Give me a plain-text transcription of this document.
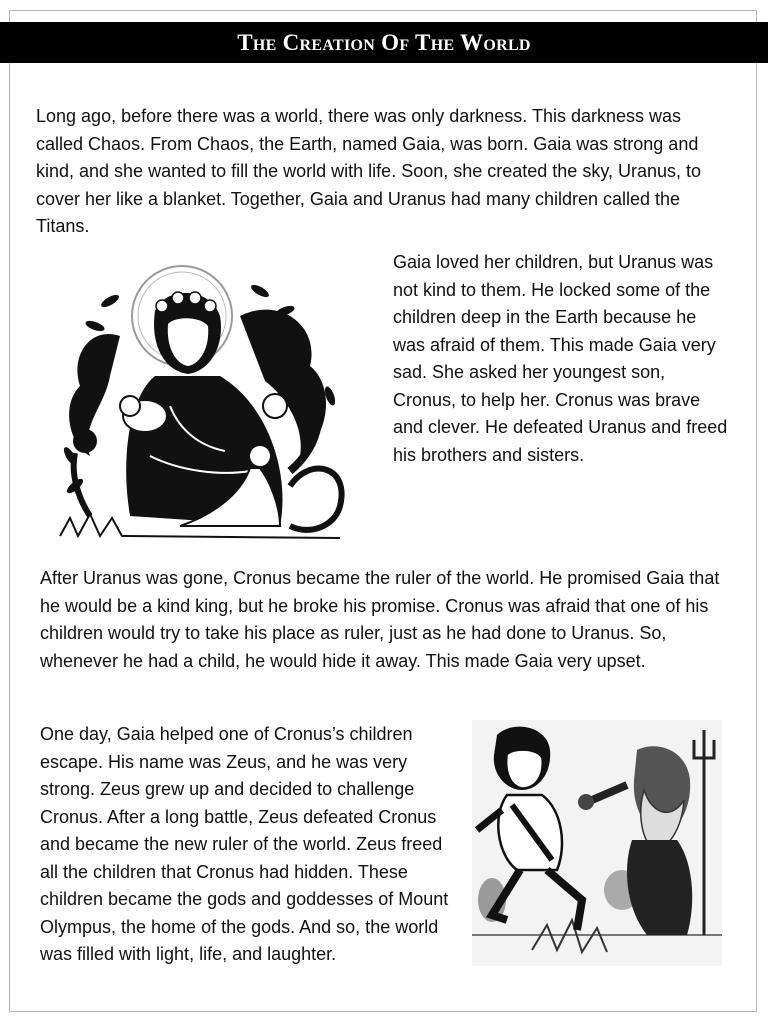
The Creation Of The World

Long ago, before there was a world, there was only darkness. This darkness was called Chaos. From Chaos, the Earth, named Gaia, was born. Gaia was strong and kind, and she wanted to fill the world with life. Soon, she created the sky, Uranus, to cover her like a blanket. Together, Gaia and Uranus had many children called the Titans.

Gaia loved her children, but Uranus was not kind to them. He locked some of the children deep in the Earth because he was afraid of them. This made Gaia very sad. She asked her youngest son, Cronus, to help her. Cronus was brave and clever. He defeated Uranus and freed his brothers and sisters.

After Uranus was gone, Cronus became the ruler of the world. He promised Gaia that he would be a kind king, but he broke his promise. Cronus was afraid that one of his children would try to take his place as ruler, just as he had done to Uranus. So, whenever he had a child, he would hide it away. This made Gaia very upset.

One day, Gaia helped one of Cronus’s children escape. His name was Zeus, and he was very strong. Zeus grew up and decided to challenge Cronus. After a long battle, Zeus defeated Cronus and became the new ruler of the world. Zeus freed all the children that Cronus had hidden. These children became the gods and goddesses of Mount Olympus, the home of the gods. And so, the world was filled with light, life, and laughter.
